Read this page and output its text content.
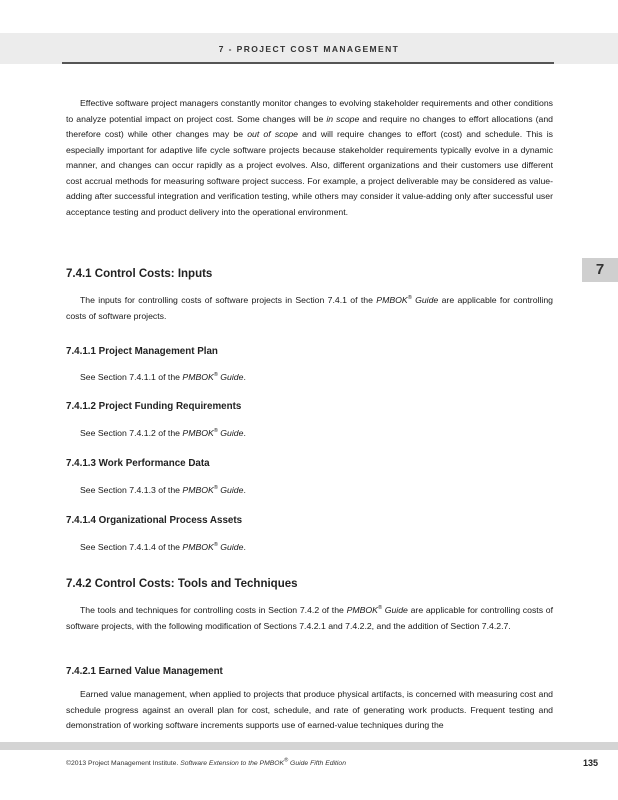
7 - PROJECT COST MANAGEMENT
7

Effective software project managers constantly monitor changes to evolving stakeholder requirements and other conditions to analyze potential impact on project cost. Some changes will be in scope and require no changes to effort allocations (and therefore cost) while other changes may be out of scope and will require changes to effort (cost) and schedule. This is especially important for adaptive life cycle software projects because stakeholder requirements typically evolve in a dynamic manner, and changes can occur rapidly as a project evolves. Also, different organizations and their customers use different cost accrual methods for measuring software project success. For example, a project deliverable may be considered as value-adding after successful integration and verification testing, while others may consider it value-adding only after successful user acceptance testing and product delivery into the operational environment.

7.4.1 Control Costs: Inputs

The inputs for controlling costs of software projects in Section 7.4.1 of the PMBOK® Guide are applicable for controlling costs of software projects.

7.4.1.1 Project Management Plan
See Section 7.4.1.1 of the PMBOK® Guide.
7.4.1.2 Project Funding Requirements
See Section 7.4.1.2 of the PMBOK® Guide.
7.4.1.3 Work Performance Data
See Section 7.4.1.3 of the PMBOK® Guide.
7.4.1.4 Organizational Process Assets
See Section 7.4.1.4 of the PMBOK® Guide.
7.4.2 Control Costs: Tools and Techniques

The tools and techniques for controlling costs in Section 7.4.2 of the PMBOK® Guide are applicable for controlling costs of software projects, with the following modification of Sections 7.4.2.1 and 7.4.2.2, and the addition of Section 7.4.2.7.

7.4.2.1 Earned Value Management

Earned value management, when applied to projects that produce physical artifacts, is concerned with measuring cost and schedule progress against an overall plan for cost, schedule, and rate of generating work products. Frequent testing and demonstration of working software increments supports use of earned-value techniques during the

©2013 Project Management Institute. Software Extension to the PMBOK® Guide Fifth Edition	135
